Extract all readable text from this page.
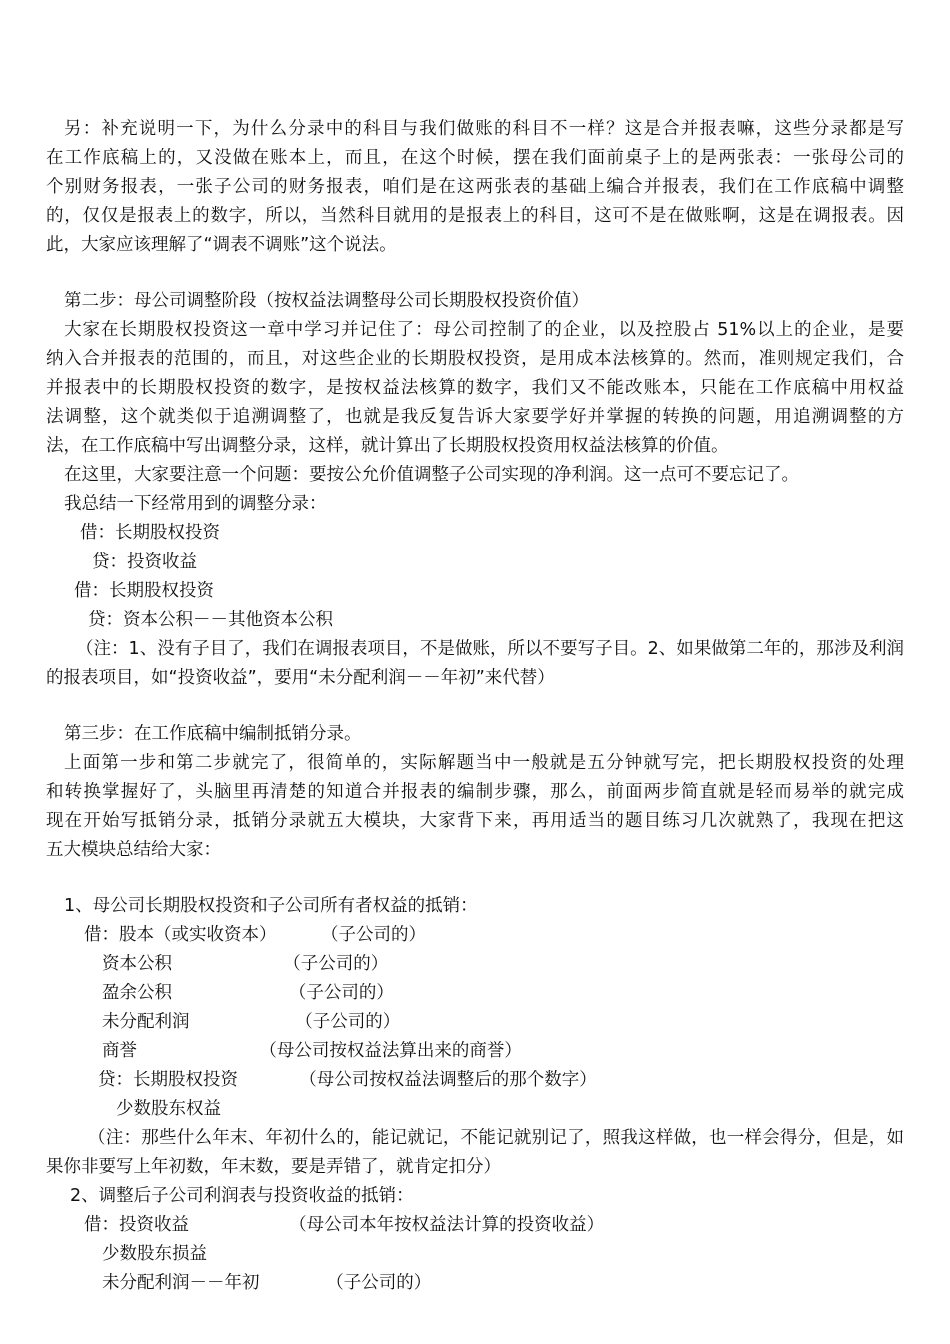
另：补充说明一下，为什么分录中的科目与我们做账的科目不一样？这是合并报表嘛，这些分录都是写
在工作底稿上的，又没做在账本上，而且，在这个时候，摆在我们面前桌子上的是两张表：一张母公司的
个别财务报表，一张子公司的财务报表，咱们是在这两张表的基础上编合并报表，我们在工作底稿中调整
的，仅仅是报表上的数字，所以，当然科目就用的是报表上的科目，这可不是在做账啊，这是在调报表。因
此，大家应该理解了“调表不调账”这个说法。
第二步：母公司调整阶段（按权益法调整母公司长期股权投资价值）
大家在长期股权投资这一章中学习并记住了：母公司控制了的企业，以及控股占 51%以上的企业，是要
纳入合并报表的范围的，而且，对这些企业的长期股权投资，是用成本法核算的。然而，准则规定我们，合
并报表中的长期股权投资的数字，是按权益法核算的数字，我们又不能改账本，只能在工作底稿中用权益
法调整，这个就类似于追溯调整了，也就是我反复告诉大家要学好并掌握的转换的问题，用追溯调整的方
法，在工作底稿中写出调整分录，这样，就计算出了长期股权投资用权益法核算的价值。
在这里，大家要注意一个问题：要按公允价值调整子公司实现的净利润。这一点可不要忘记了。
我总结一下经常用到的调整分录：
借：长期股权投资
贷：投资收益
借：长期股权投资
贷：资本公积－－其他资本公积
（注：1、没有子目了，我们在调报表项目，不是做账，所以不要写子目。2、如果做第二年的，那涉及利润
的报表项目，如“投资收益”，要用“未分配利润－－年初”来代替）
第三步：在工作底稿中编制抵销分录。
上面第一步和第二步就完了，很简单的，实际解题当中一般就是五分钟就写完，把长期股权投资的处理
和转换掌握好了，头脑里再清楚的知道合并报表的编制步骤，那么，前面两步简直就是轻而易举的就完成
现在开始写抵销分录，抵销分录就五大模块，大家背下来，再用适当的题目练习几次就熟了，我现在把这
五大模块总结给大家：
1、母公司长期股权投资和子公司所有者权益的抵销：
借：股本（或实收资本）        （子公司的）
资本公积                    （子公司的）
盈余公积                     （子公司的）
未分配利润                   （子公司的）
商誉                      （母公司按权益法算出来的商誉）
贷：长期股权投资           （母公司按权益法调整后的那个数字）
少数股东权益
（注：那些什么年末、年初什么的，能记就记，不能记就别记了，照我这样做，也一样会得分，但是，如
果你非要写上年初数，年末数，要是弄错了，就肯定扣分）
2、调整后子公司利润表与投资收益的抵销：
借：投资收益                  （母公司本年按权益法计算的投资收益）
少数股东损益
未分配利润－－年初            （子公司的）
